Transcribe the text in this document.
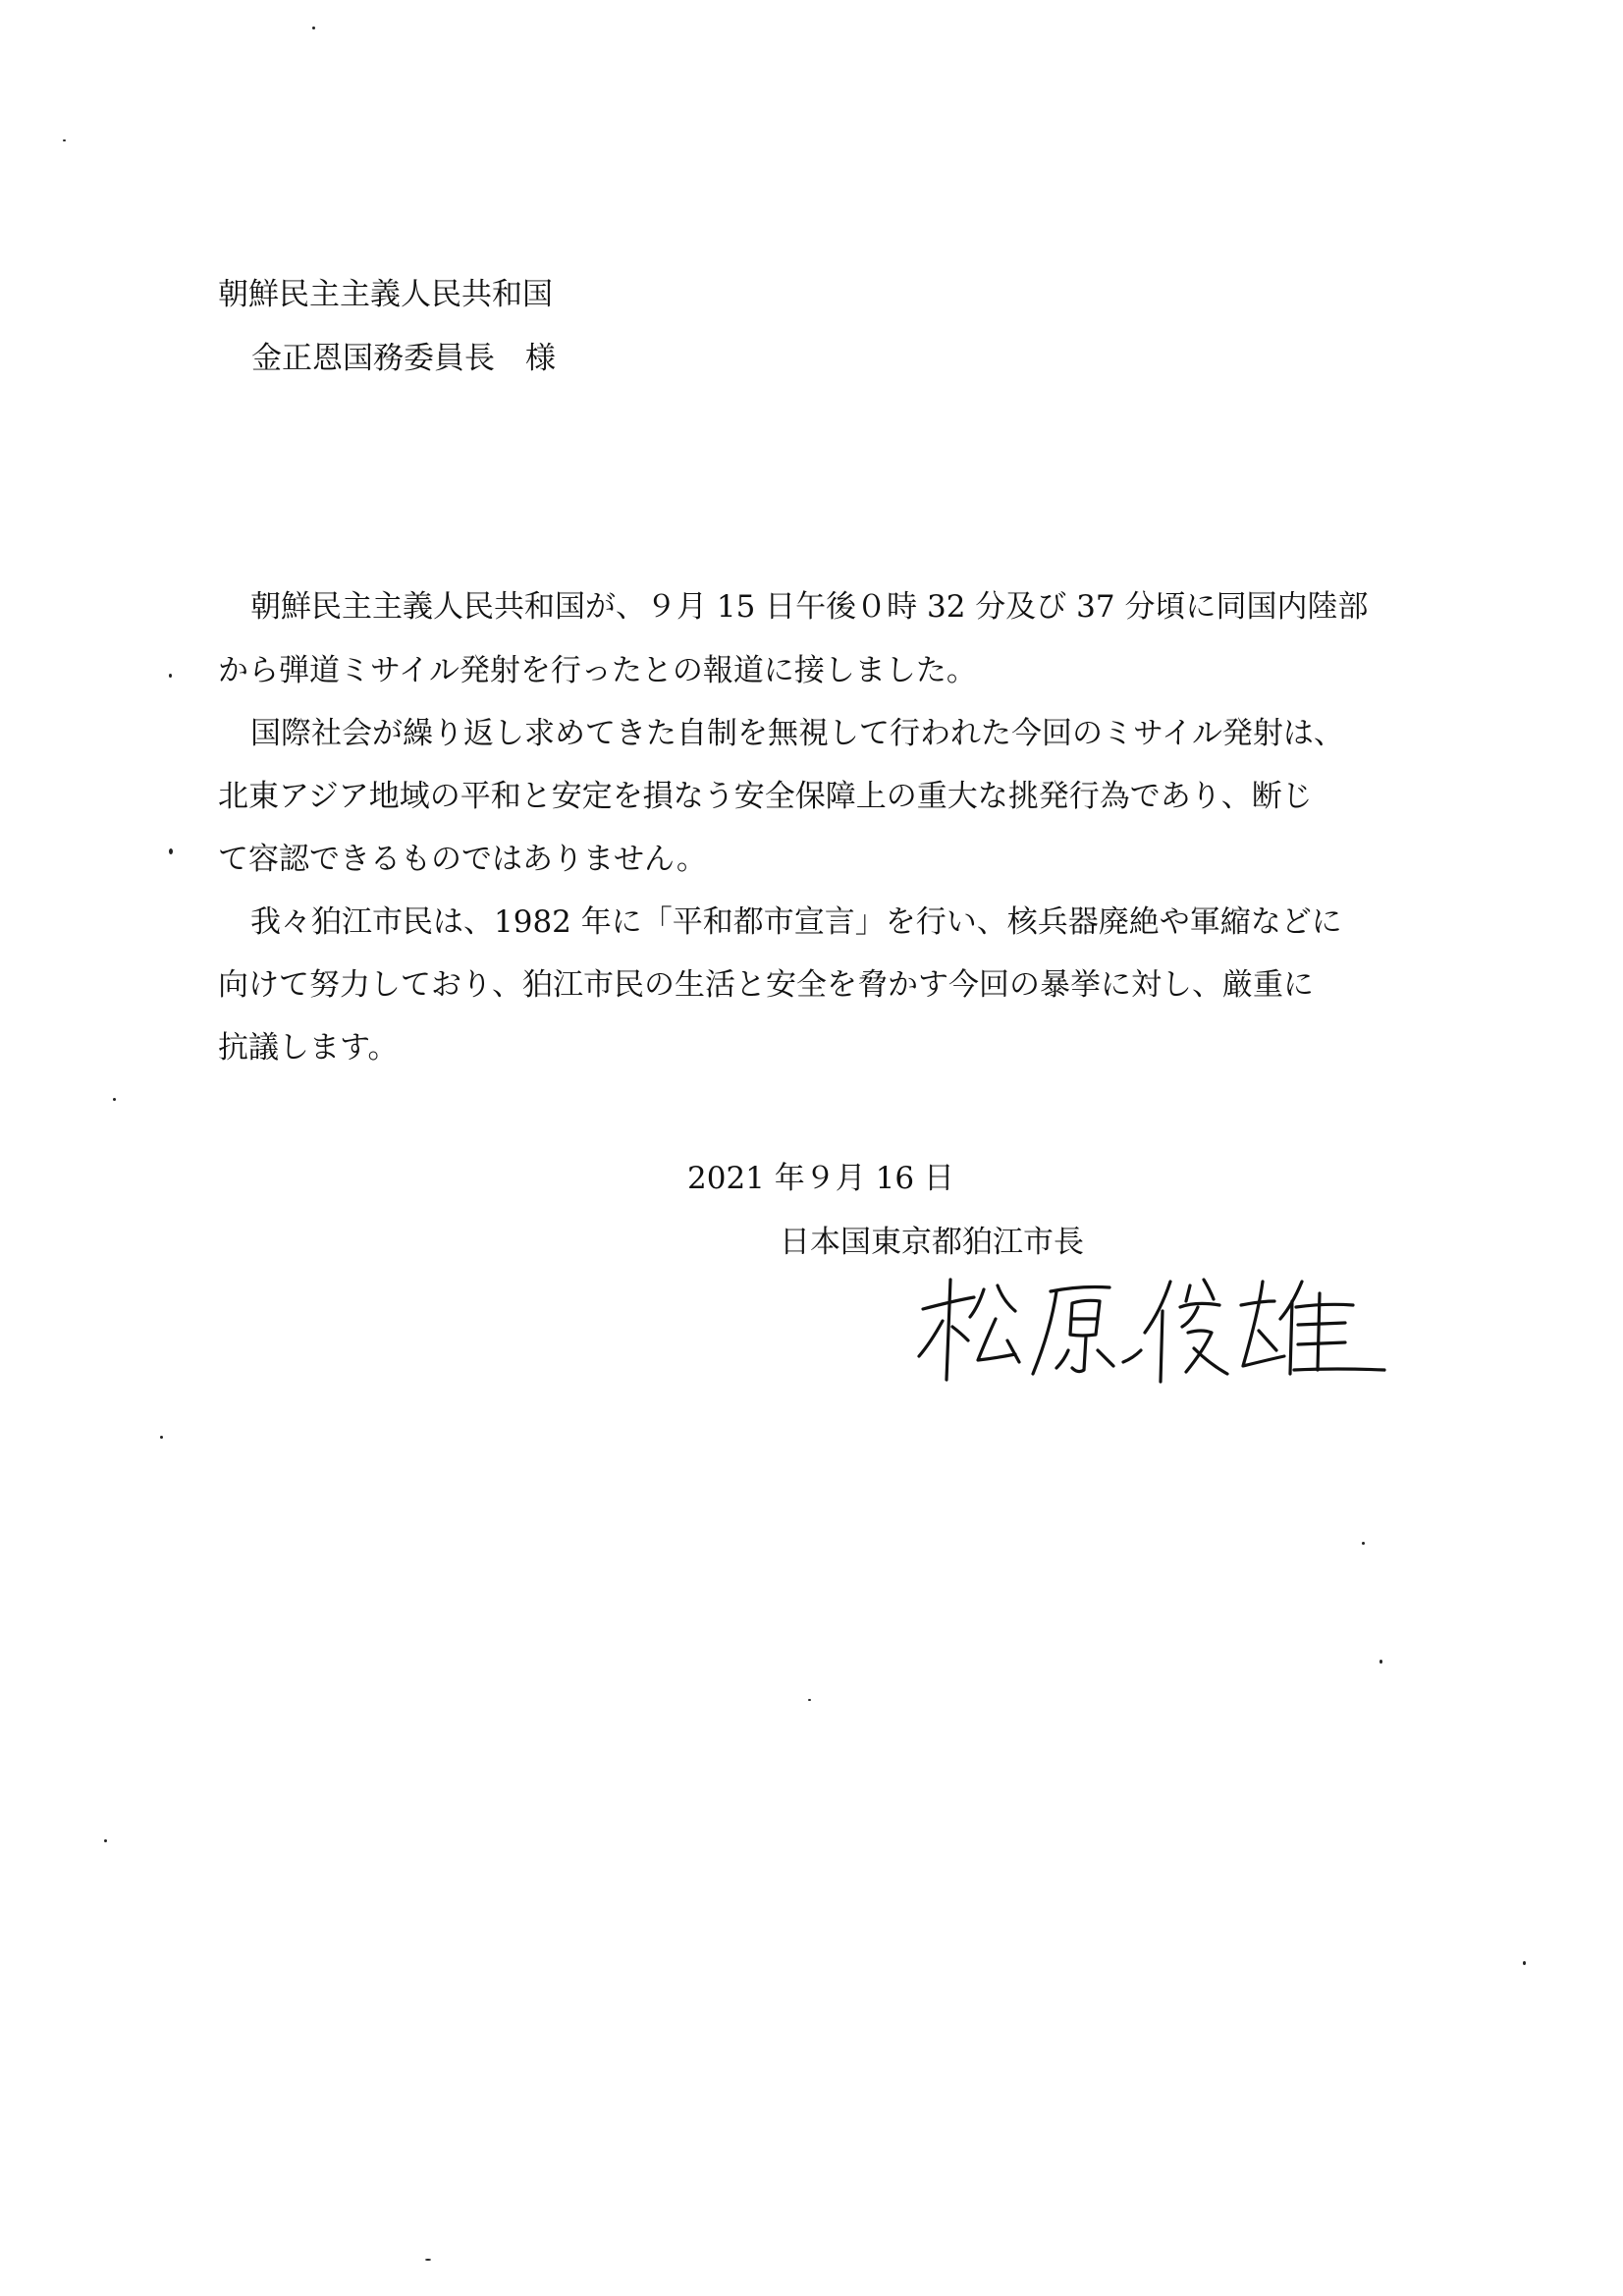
朝鮮民主主義人民共和国

金正恩国務委員長　様

朝鮮民主主義人民共和国が、９月 15 日午後０時 32 分及び 37 分頃に同国内陸部

から弾道ミサイル発射を行ったとの報道に接しました。

国際社会が繰り返し求めてきた自制を無視して行われた今回のミサイル発射は、

北東アジア地域の平和と安定を損なう安全保障上の重大な挑発行為であり、断じ

て容認できるものではありません。

我々狛江市民は、1982 年に「平和都市宣言」を行い、核兵器廃絶や軍縮などに

向けて努力しており、狛江市民の生活と安全を脅かす今回の暴挙に対し、厳重に

抗議します。

2021 年９月 16 日

日本国東京都狛江市長
